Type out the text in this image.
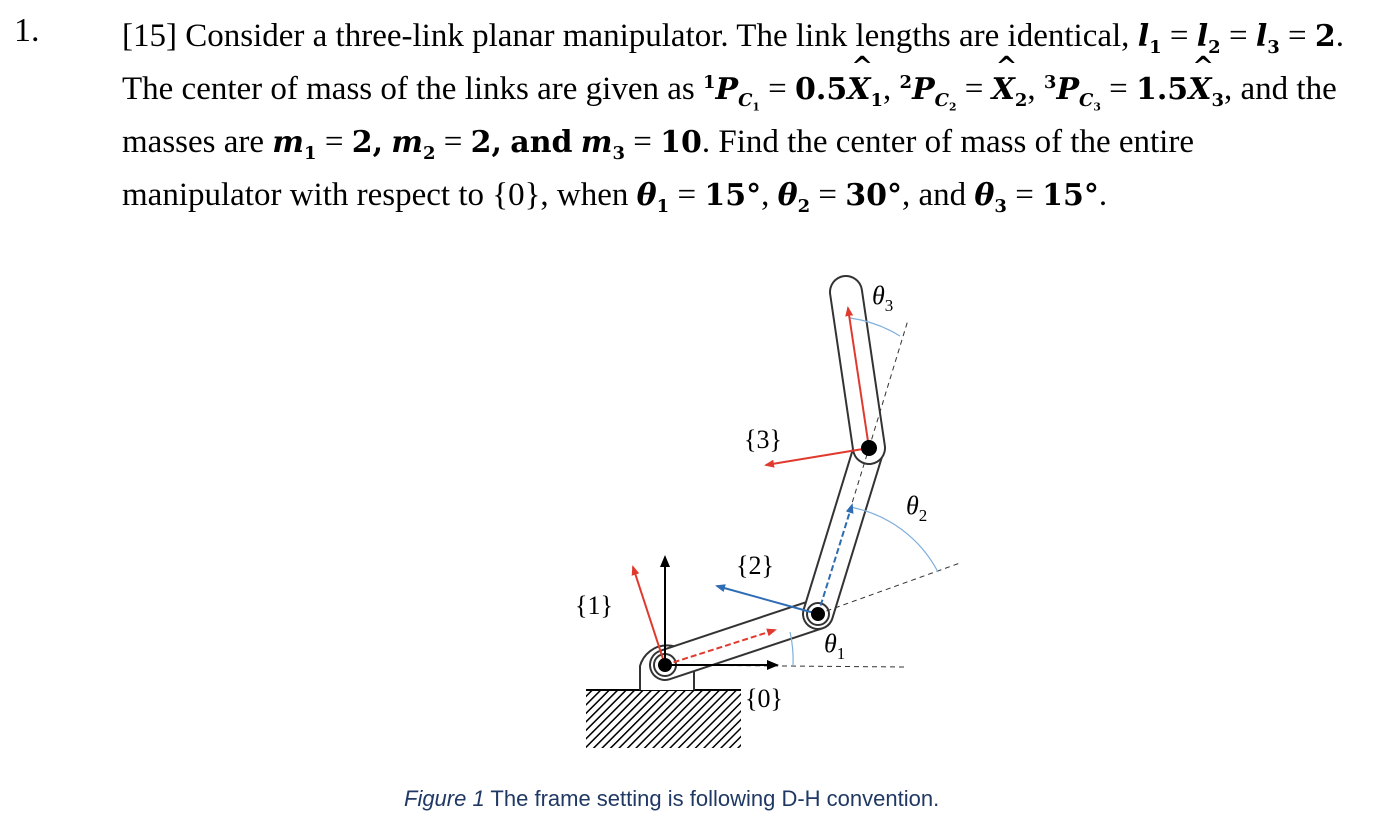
1.	[15] Consider a three-link planar manipulator. The link lengths are identical, $l_1 = l_2 = l_3 = 2$. The center of mass of the links are given as $^1P_{C_1}$ = 0.5^ $X_1$, $^2P_{C_2}$ = ^ $X_2$, $^3P_{C_3}$ = 1.5^ $X_3$, and the masses are $m_1 = 2$, $m_2 = 2$, and $m_3 = 10$. Find the center of mass of the entire manipulator with respect to {0}, when $\theta_1 = 15^\circ$, $\theta_2 = 30^\circ$, and $\theta_3 = 15^\circ$.
{0}
{1}
{2}
{3}
$\theta_1$
$\theta_2$
$\theta_3$
Figure 1 The frame setting is following D-H convention.
